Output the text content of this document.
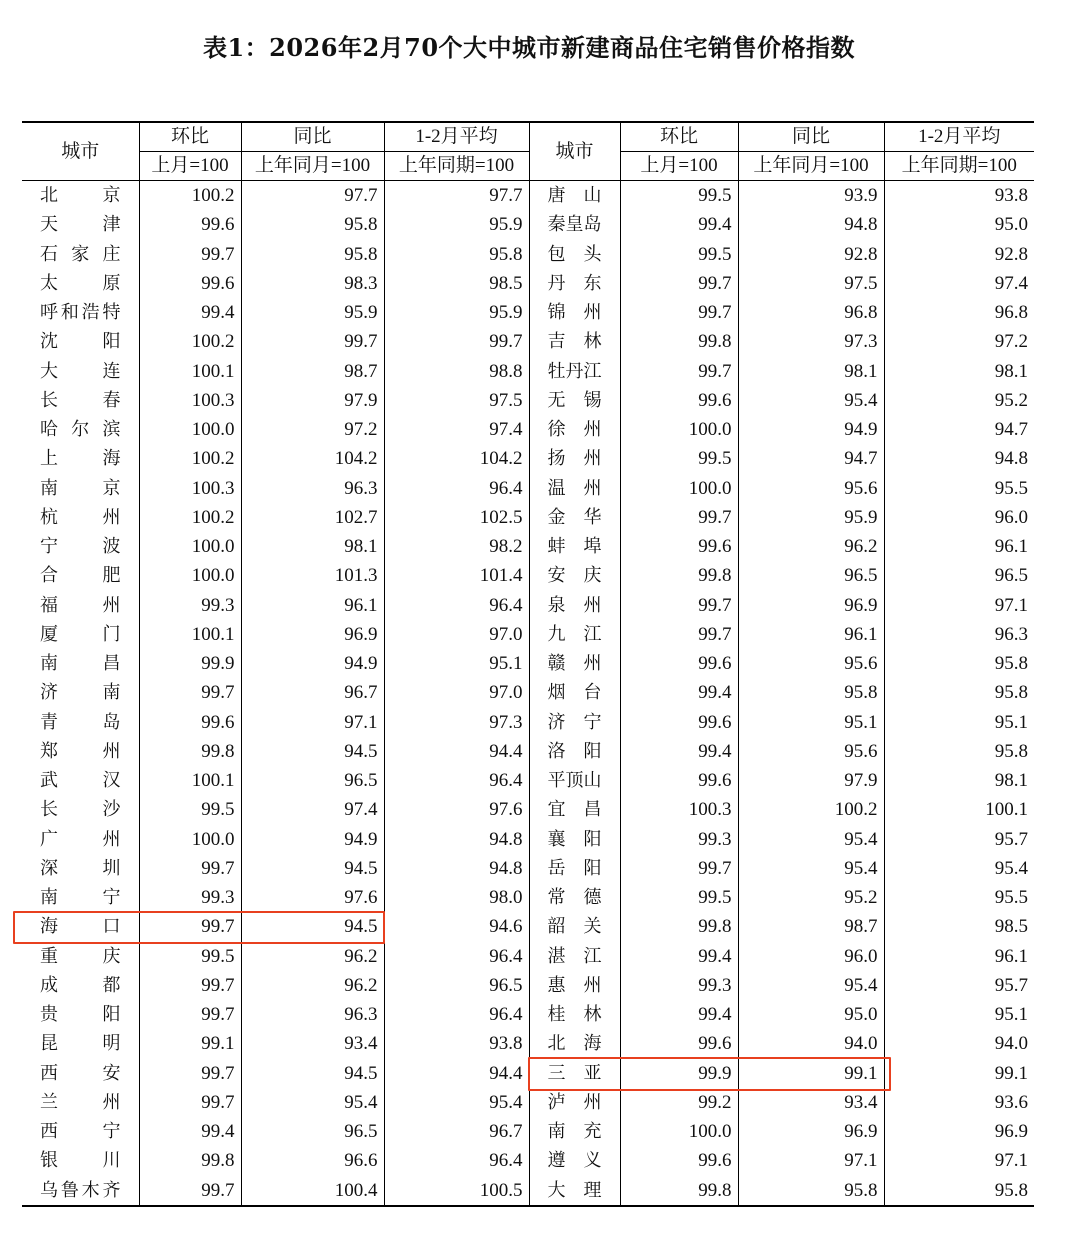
表1：2026年2月70个大中城市新建商品住宅销售价格指数
城市	环比	同比	1-2月平均	城市	环比	同比	1-2月平均
	上月=100	上年同月=100	上年同期=100		上月=100	上年同月=100	上年同期=100
北京	100.2	97.7	97.7	唐山	99.5	93.9	93.8
天津	99.6	95.8	95.9	秦皇岛	99.4	94.8	95.0
石家庄	99.7	95.8	95.8	包头	99.5	92.8	92.8
太原	99.6	98.3	98.5	丹东	99.7	97.5	97.4
呼和浩特	99.4	95.9	95.9	锦州	99.7	96.8	96.8
沈阳	100.2	99.7	99.7	吉林	99.8	97.3	97.2
大连	100.1	98.7	98.8	牡丹江	99.7	98.1	98.1
长春	100.3	97.9	97.5	无锡	99.6	95.4	95.2
哈尔滨	100.0	97.2	97.4	徐州	100.0	94.9	94.7
上海	100.2	104.2	104.2	扬州	99.5	94.7	94.8
南京	100.3	96.3	96.4	温州	100.0	95.6	95.5
杭州	100.2	102.7	102.5	金华	99.7	95.9	96.0
宁波	100.0	98.1	98.2	蚌埠	99.6	96.2	96.1
合肥	100.0	101.3	101.4	安庆	99.8	96.5	96.5
福州	99.3	96.1	96.4	泉州	99.7	96.9	97.1
厦门	100.1	96.9	97.0	九江	99.7	96.1	96.3
南昌	99.9	94.9	95.1	赣州	99.6	95.6	95.8
济南	99.7	96.7	97.0	烟台	99.4	95.8	95.8
青岛	99.6	97.1	97.3	济宁	99.6	95.1	95.1
郑州	99.8	94.5	94.4	洛阳	99.4	95.6	95.8
武汉	100.1	96.5	96.4	平顶山	99.6	97.9	98.1
长沙	99.5	97.4	97.6	宜昌	100.3	100.2	100.1
广州	100.0	94.9	94.8	襄阳	99.3	95.4	95.7
深圳	99.7	94.5	94.8	岳阳	99.7	95.4	95.4
南宁	99.3	97.6	98.0	常德	99.5	95.2	95.5
海口	99.7	94.5	94.6	韶关	99.8	98.7	98.5
重庆	99.5	96.2	96.4	湛江	99.4	96.0	96.1
成都	99.7	96.2	96.5	惠州	99.3	95.4	95.7
贵阳	99.7	96.3	96.4	桂林	99.4	95.0	95.1
昆明	99.1	93.4	93.8	北海	99.6	94.0	94.0
西安	99.7	94.5	94.4	三亚	99.9	99.1	99.1
兰州	99.7	95.4	95.4	泸州	99.2	93.4	93.6
西宁	99.4	96.5	96.7	南充	100.0	96.9	96.9
银川	99.8	96.6	96.4	遵义	99.6	97.1	97.1
乌鲁木齐	99.7	100.4	100.5	大理	99.8	95.8	95.8
